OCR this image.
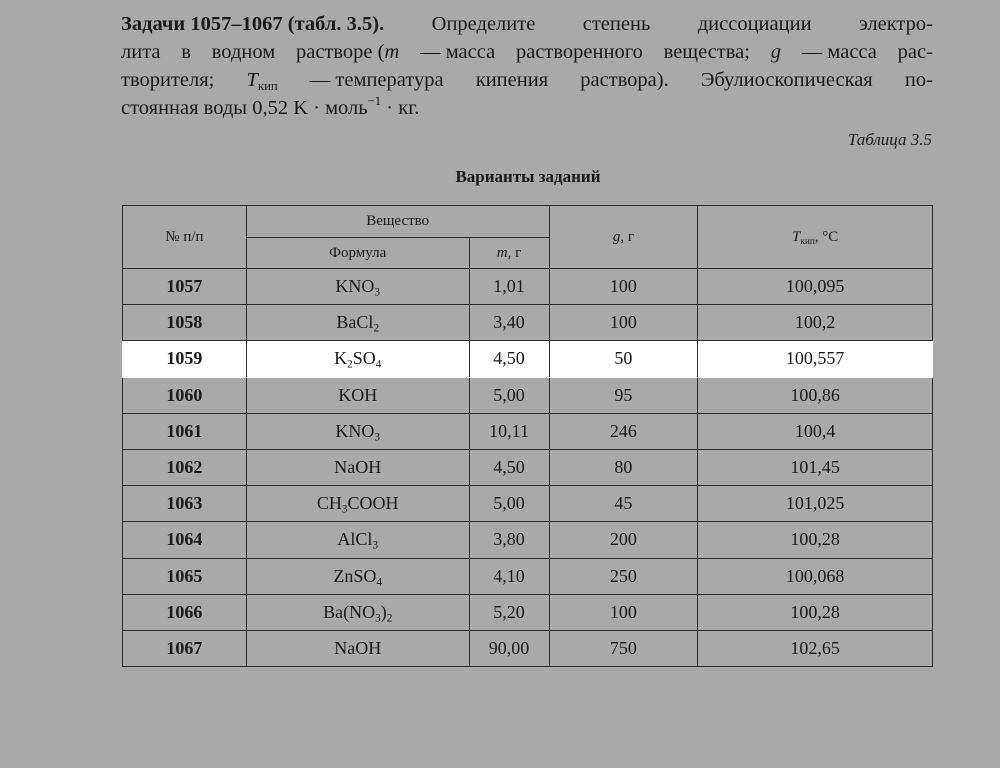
Задачи 1057–1067 (табл. 3.5). Определите степень диссоциации электро-
лита в водном растворе (m — масса растворенного вещества; g — масса рас-
творителя; $T_{кип}$ — температура кипения раствора). Эбулиоскопическая по-
стоянная воды 0,52 K · моль$^{-1}$ · кг.
Таблица 3.5
Варианты заданий
№ п/п	Вещество		g, г	$T_{кип}$, °C
	Формула	m, г		
1057	$KNO_3$	1,01	100	100,095
1058	BaCl$_2$	3,40	100	100,2
1059	$K_2SO_4$	4,50	50	100,557
1060	KOH	5,00	95	100,86
1061	$KNO_3$	10,11	246	100,4
1062	NaOH	4,50	80	101,45
1063	$CH_3COOH$	5,00	45	101,025
1064	AlCl$_3$	3,80	200	100,28
1065	ZnSO$_4$	4,10	250	100,068
1066	$Ba(NO_3)_2$	5,20	100	100,28
1067	NaOH	90,00	750	102,65
